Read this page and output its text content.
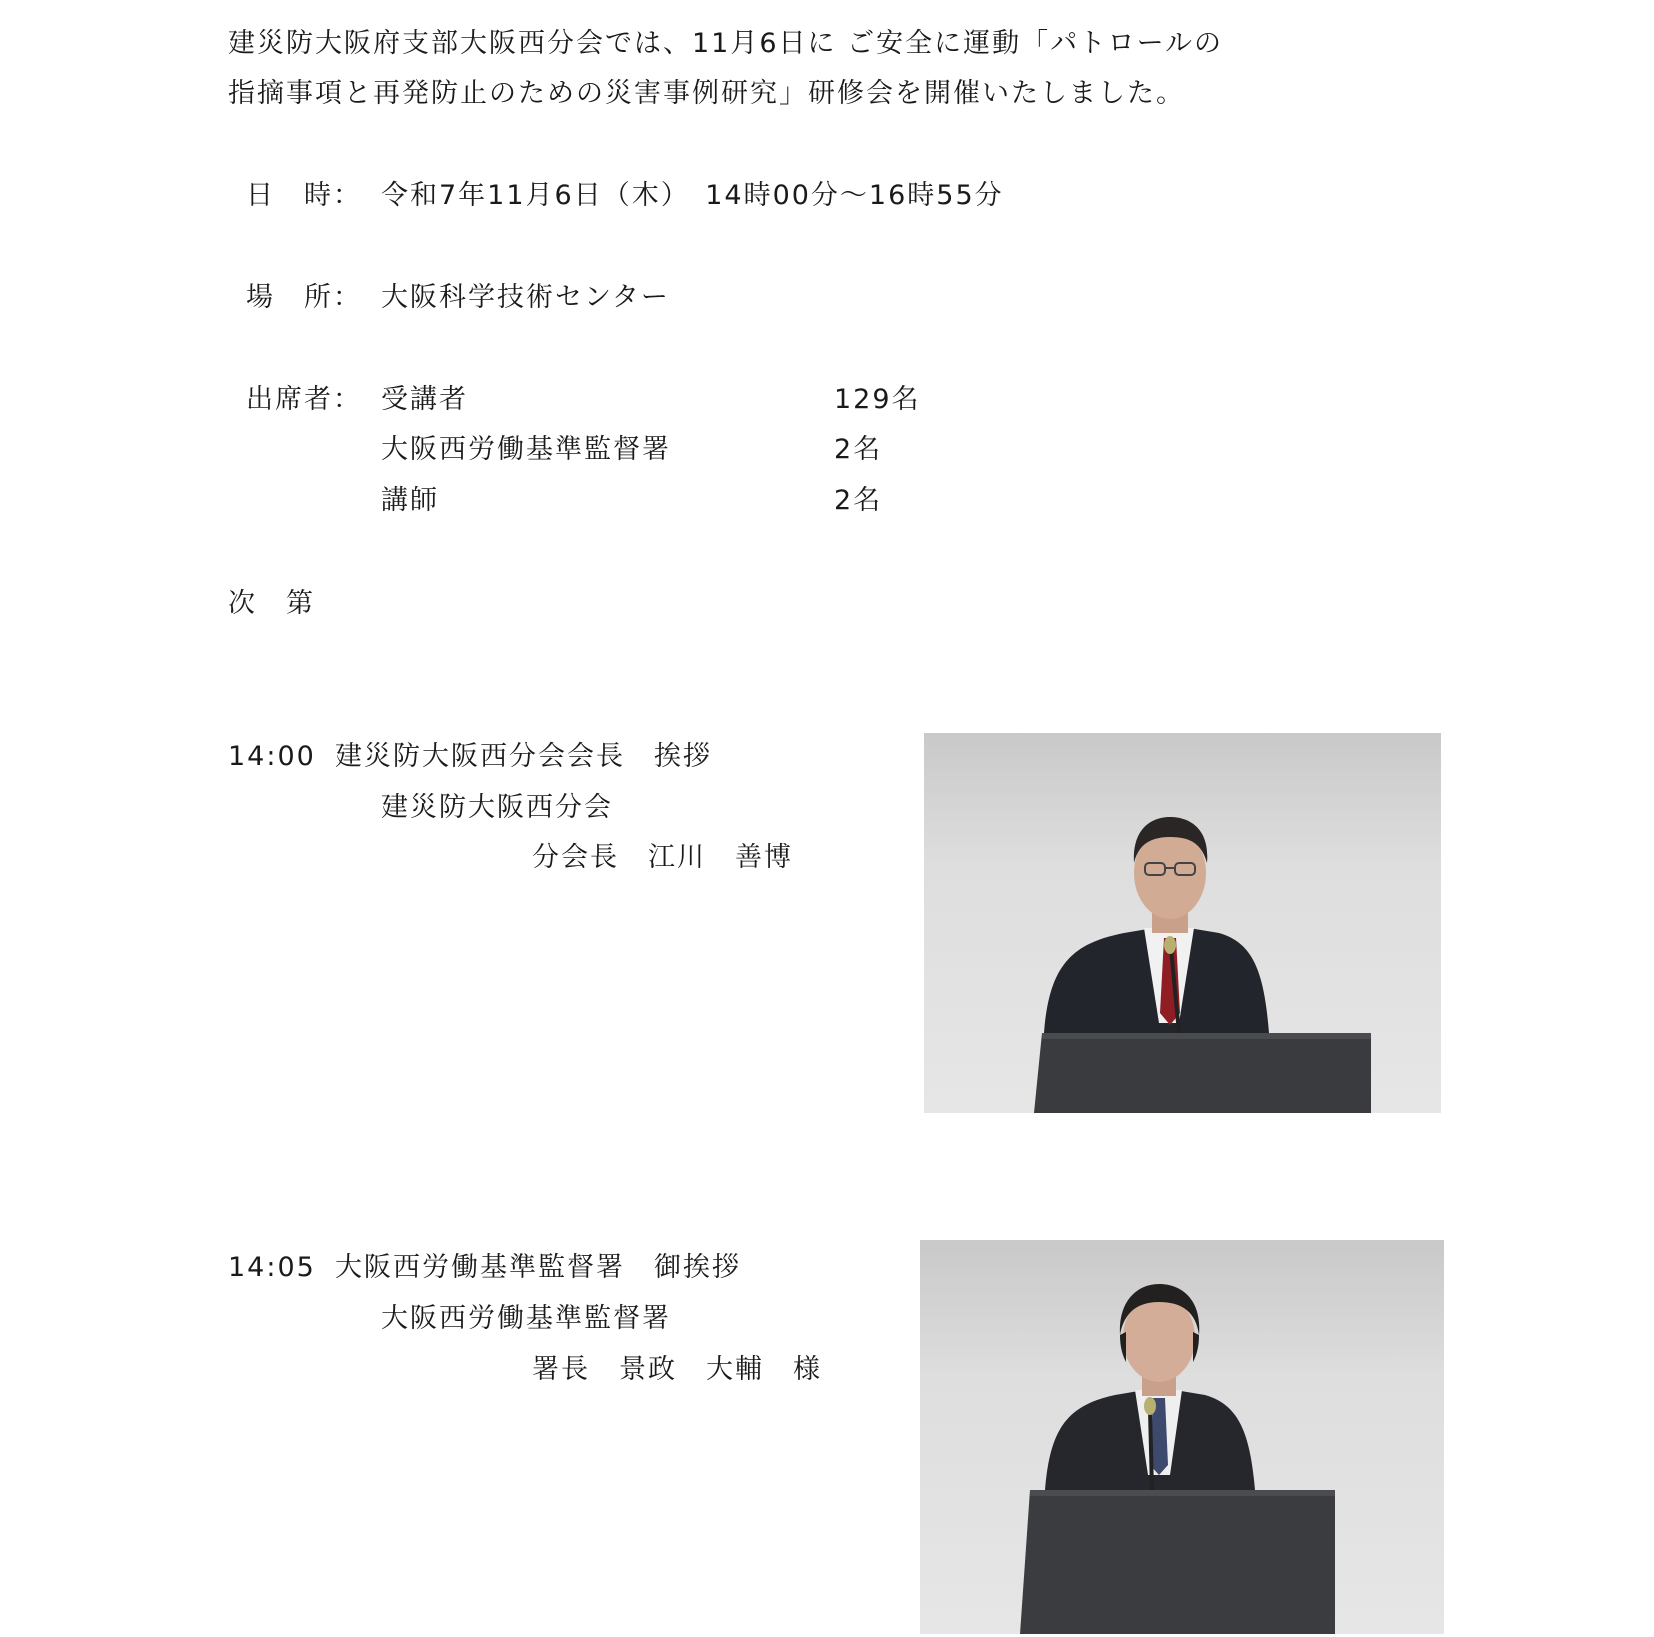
建災防大阪府支部大阪西分会では、11月6日に ご安全に運動「パトロールの
指摘事項と再発防止のための災害事例研究」研修会を開催いたしました。
日　時： 令和7年11月6日（木）　14時00分～16時55分
場　所： 大阪科学技術センター
出席者： 受講者	129名
大阪西労働基準監督署	2名
講師	2名
次　第
14:00 建災防大阪西分会会長　挨拶
建災防大阪西分会
分会長　江川　善博
14:05 大阪西労働基準監督署　御挨拶
大阪西労働基準監督署
署長　景政　大輔　様
